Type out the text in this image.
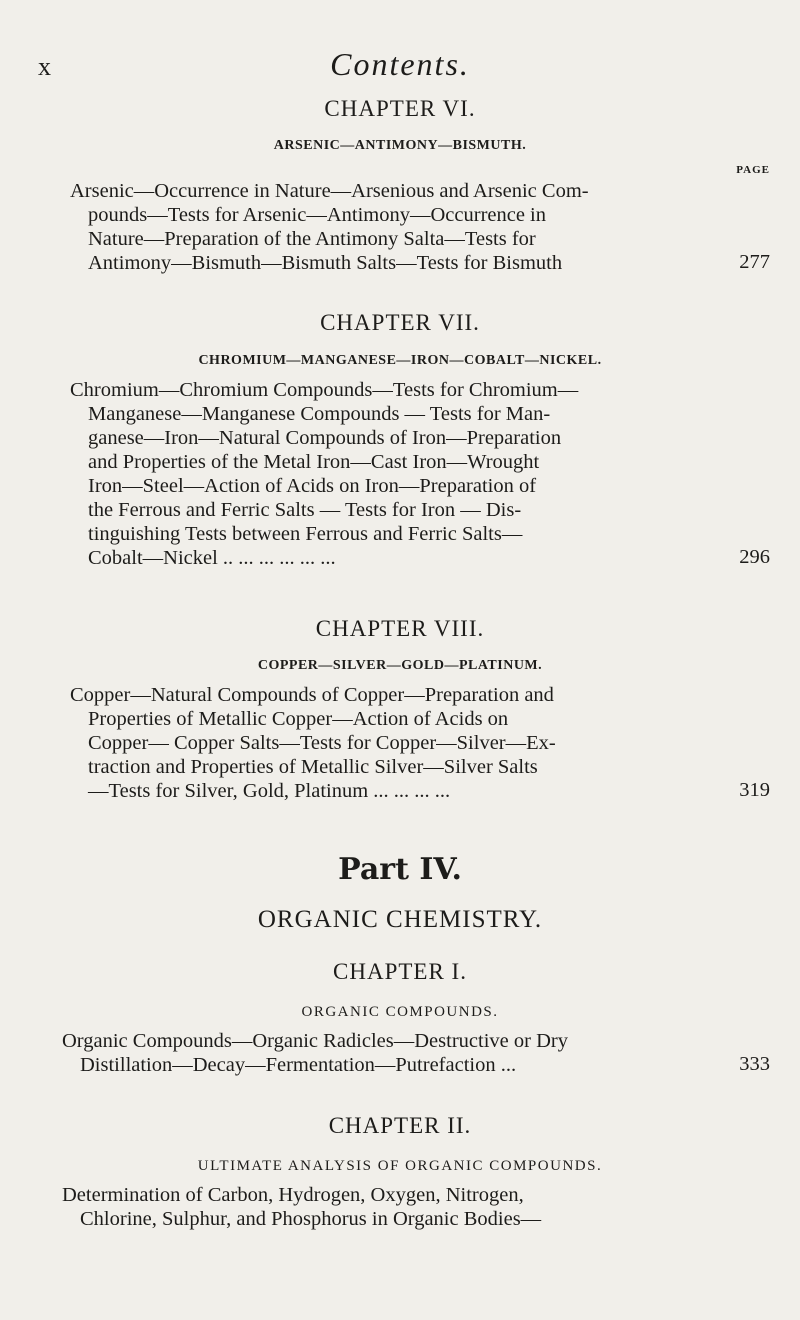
x	Contents.
CHAPTER VI.
ARSENIC—ANTIMONY—BISMUTH.
PAGE

Arsenic—Occurrence in Nature—Arsenious and Arsenic Com-

pounds—Tests for Arsenic—Antimony—Occurrence in

Nature—Preparation of the Antimony Salta—Tests for

Antimony—Bismuth—Bismuth Salts—Tests for Bismuth	277
CHAPTER VII.
CHROMIUM—MANGANESE—IRON—COBALT—NICKEL.

Chromium—Chromium Compounds—Tests for Chromium—

Manganese—Manganese Compounds — Tests for Man-

ganese—Iron—Natural Compounds of Iron—Preparation

and Properties of the Metal Iron—Cast Iron—Wrought

Iron—Steel—Action of Acids on Iron—Preparation of

the Ferrous and Ferric Salts — Tests for Iron — Dis-

tinguishing Tests between Ferrous and Ferric Salts—

Cobalt—Nickel .. ... ... ... ... ...	296
CHAPTER VIII.
COPPER—SILVER—GOLD—PLATINUM.

Copper—Natural Compounds of Copper—Preparation and

Properties of Metallic Copper—Action of Acids on

Copper— Copper Salts—Tests for Copper—Silver—Ex-

traction and Properties of Metallic Silver—Silver Salts

—Tests for Silver, Gold, Platinum ... ... ... ...	319
Part IV.
ORGANIC CHEMISTRY.
CHAPTER I.
ORGANIC COMPOUNDS.

Organic Compounds—Organic Radicles—Destructive or Dry

Distillation—Decay—Fermentation—Putrefaction ...	333
CHAPTER II.
ULTIMATE ANALYSIS OF ORGANIC COMPOUNDS.

Determination of Carbon, Hydrogen, Oxygen, Nitrogen,

Chlorine, Sulphur, and Phosphorus in Organic Bodies—
